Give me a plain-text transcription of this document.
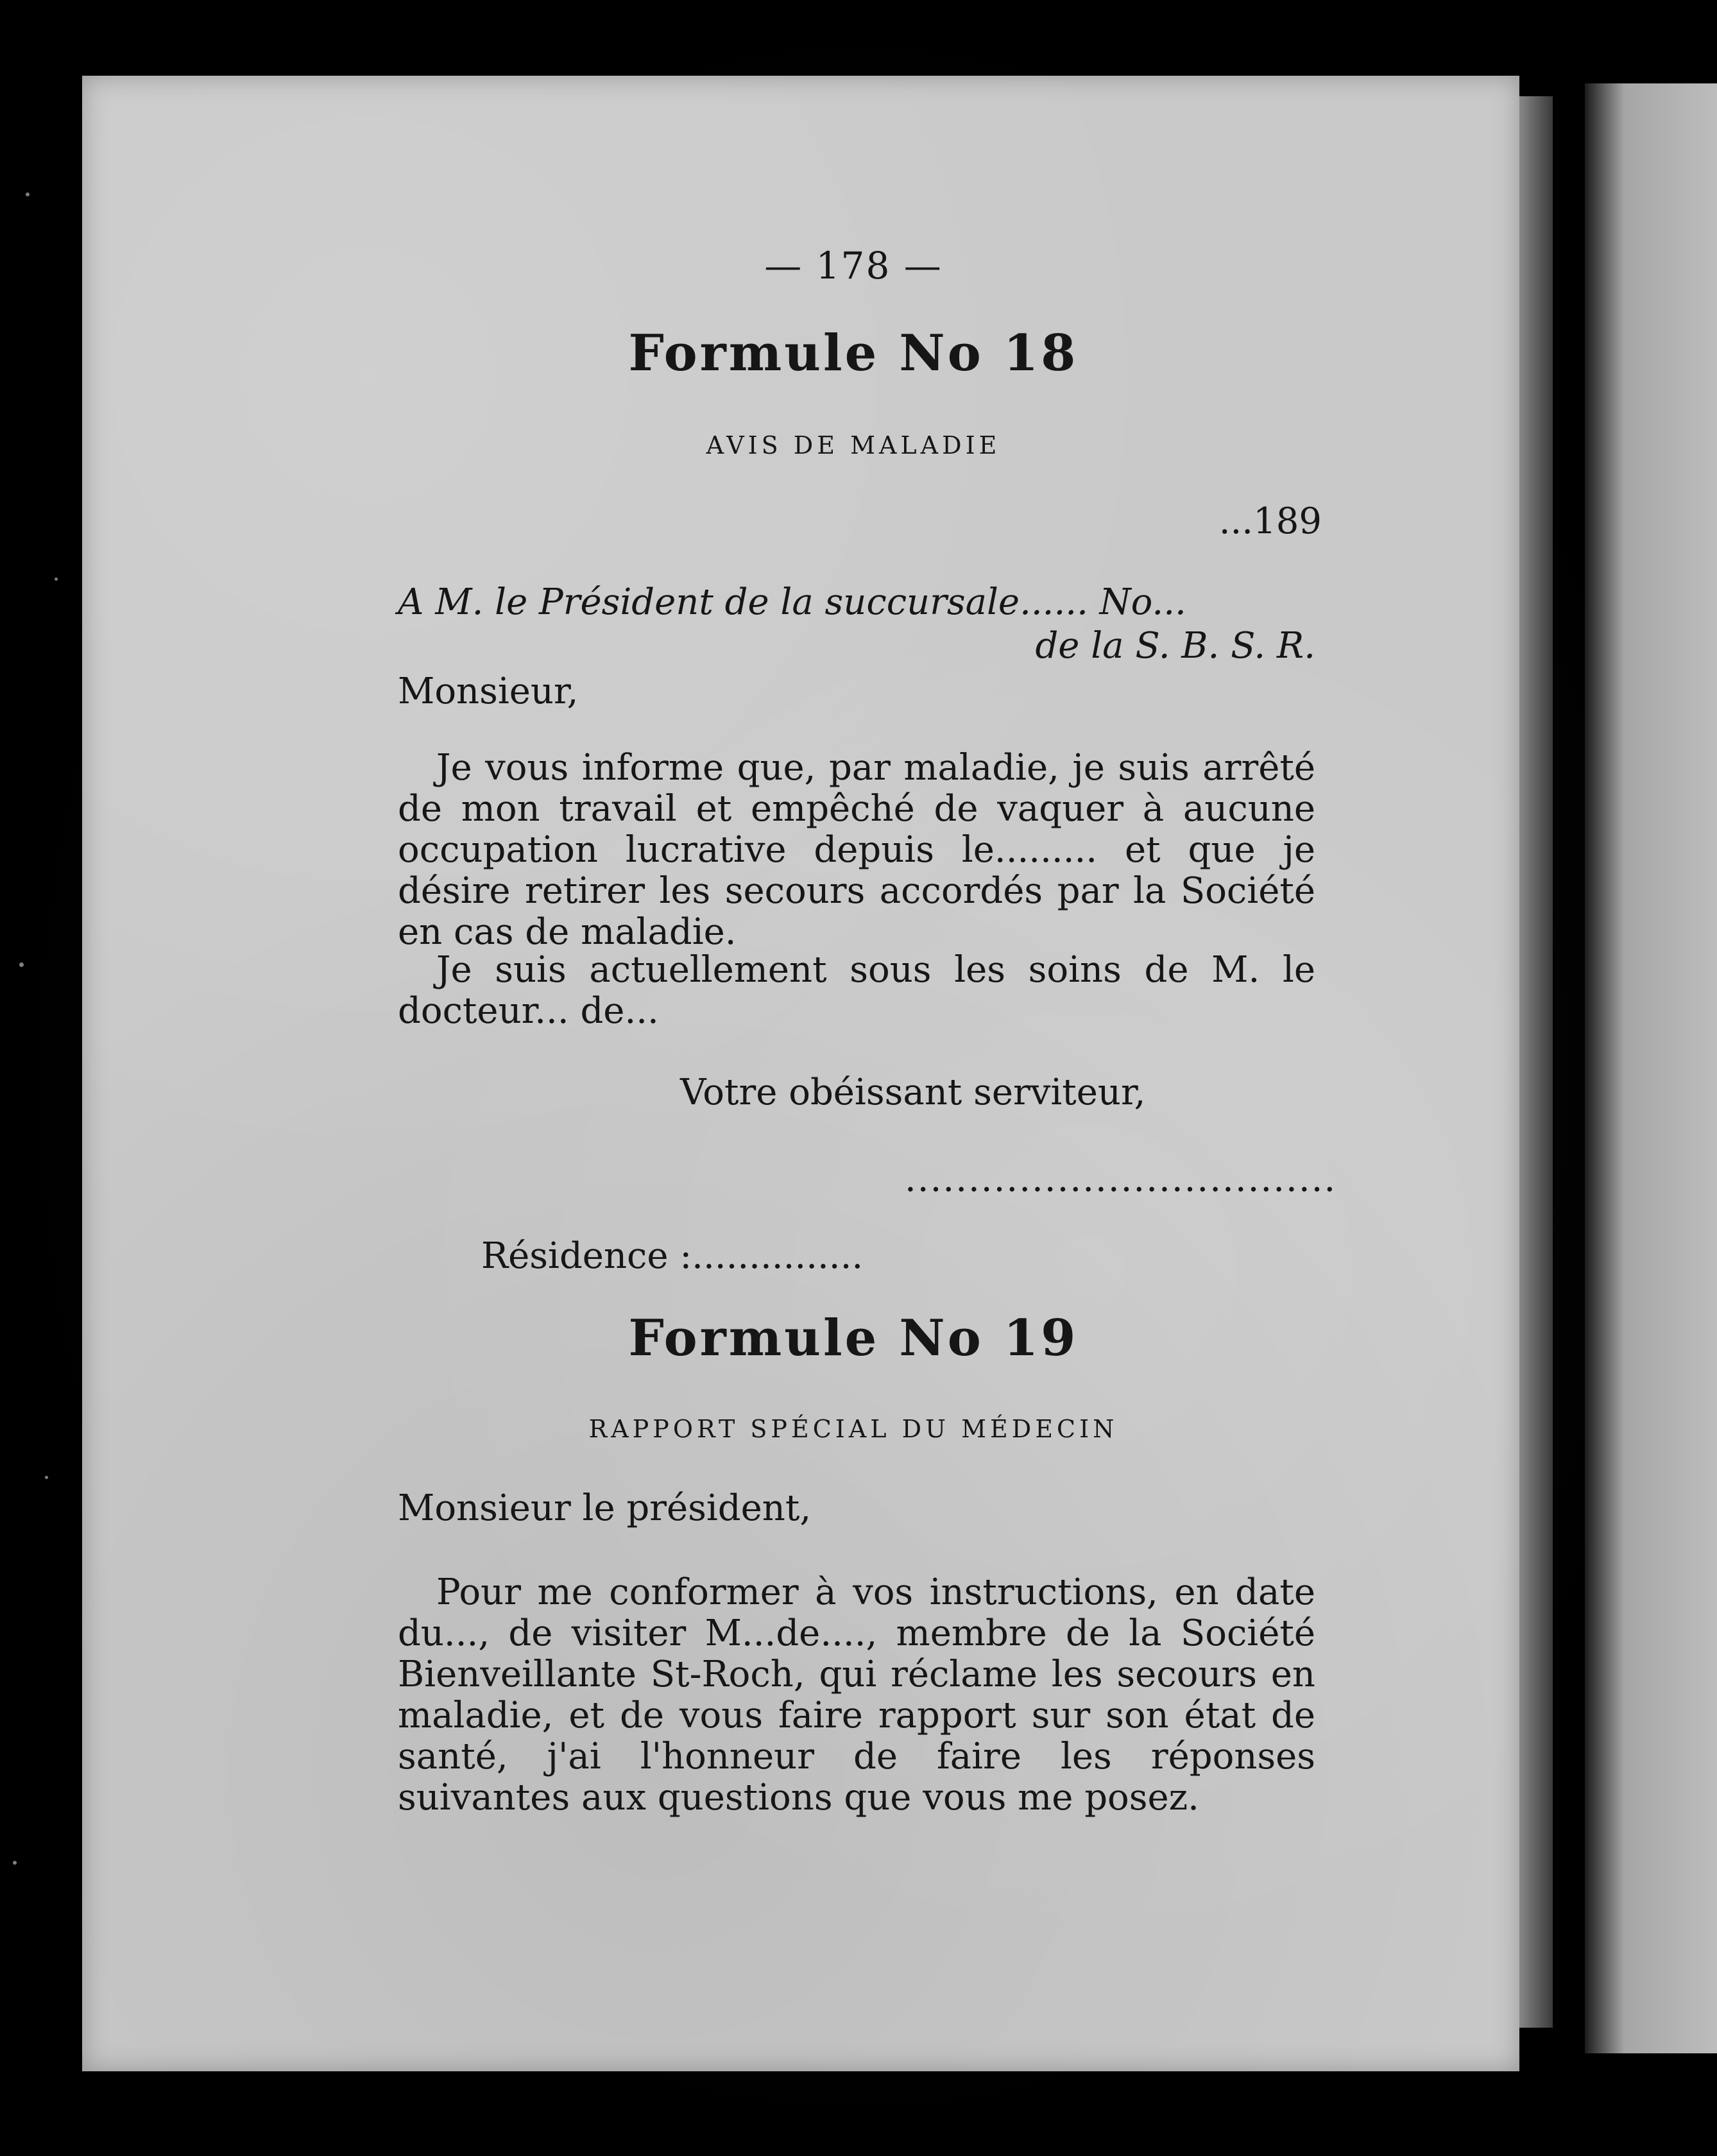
— 178 —
Formule No 18
AVIS DE MALADIE
...189
A M. le Président de la succursale...... No...
de la S. B. S. R.
Monsieur,
Je vous informe que, par maladie, je suis arrêté de mon travail et empêché de vaquer à aucune occupation lucrative depuis le......... et que je désire retirer les secours accordés par la Société en cas de maladie.
Je suis actuellement sous les soins de M. le docteur... de...
Votre obéissant serviteur,
..................................
Résidence :...............
Formule No 19
RAPPORT SPÉCIAL DU MÉDECIN
Monsieur le président,
Pour me conformer à vos instructions, en date du..., de visiter M...de...., membre de la Société Bienveillante St-Roch, qui réclame les secours en maladie, et de vous faire rapport sur son état de santé, j'ai l'honneur de faire les réponses suivantes aux questions que vous me posez.
